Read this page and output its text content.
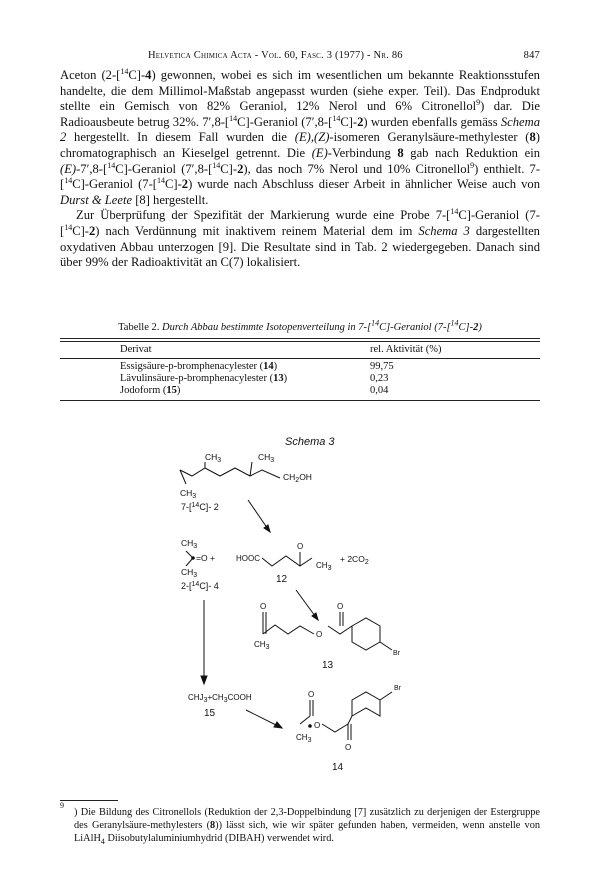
Helvetica Chimica Acta - Vol. 60, Fasc. 3 (1977) - Nr. 86	847

Aceton (2-[$^{14}$C]-4) gewonnen, wobei es sich im wesentlichen um bekannte Reaktionsstufen handelte, die dem Millimol-Maßstab angepasst wurden (siehe exper. Teil). Das Endprodukt stellte ein Gemisch von 82% Geraniol, 12% Nerol und 6% Citronellol$^9$) dar. Die Radioausbeute betrug 32%. 7′,8-[$^{14}$C]-Geraniol (7′,8-[$^{14}$C]-2) wurden ebenfalls gemäss Schema 2 hergestellt. In diesem Fall wurden die (E),(Z)-isomeren Geranylsäure-methylester (8) chromatographisch an Kieselgel getrennt. Die (E)-Verbindung 8 gab nach Reduktion ein (E)-7′,8-[$^{14}$C]-Geraniol (7′,8-[$^{14}$C]-2), das noch 7% Nerol und 10% Citronellol$^9$) enthielt. 7-[$^{14}$C]-Geraniol (7-[$^{14}$C]-2) wurde nach Abschluss dieser Arbeit in ähnlicher Weise auch von Durst & Leete [8] hergestellt.

Zur Überprüfung der Spezifität der Markierung wurde eine Probe 7-[$^{14}$C]-Geraniol (7-[$^{14}$C]-2) nach Verdünnung mit inaktivem reinem Material dem im Schema 3 dargestellten oxydativen Abbau unterzogen [9]. Die Resultate sind in Tab. 2 wiedergegeben. Danach sind über 99% der Radioaktivität an C(7) lokalisiert.

Tabelle 2. Durch Abbau bestimmte Isotopenverteilung in 7-[$^{14}$C]-Geraniol (7-[$^{14}$C]-2)
Derivat	rel. Aktivität (%)
Essigsäure-p-bromphenacylester (14)	99,75
Lävulinsäure-p-bromphenacylester (13)	0,23
Jodoform (15)	0,04
Schema 3
$CH_3$	$CH_3$
$CH_2OH$
$CH_3$
7-[$^{14}$C]- 2
$CH_3$
=O +
$CH_3$
2-[$^{14}$C]- 4
HOOC
O
CH3
+ $2CO_2$
12
O	O
O
CH3
Br
13
CHJ3+CH3COOH
15
O
O
O
CH3
Br
14
9
) Die Bildung des Citronellols (Reduktion der 2,3-Doppelbindung [7] zusätzlich zu derjenigen der Estergruppe des Geranylsäure-methylesters (8)) lässt sich, wie wir später gefunden haben, vermeiden, wenn anstelle von LiAlH$_4$ Diisobutylaluminiumhydrid (DIBAH) verwendet wird.
